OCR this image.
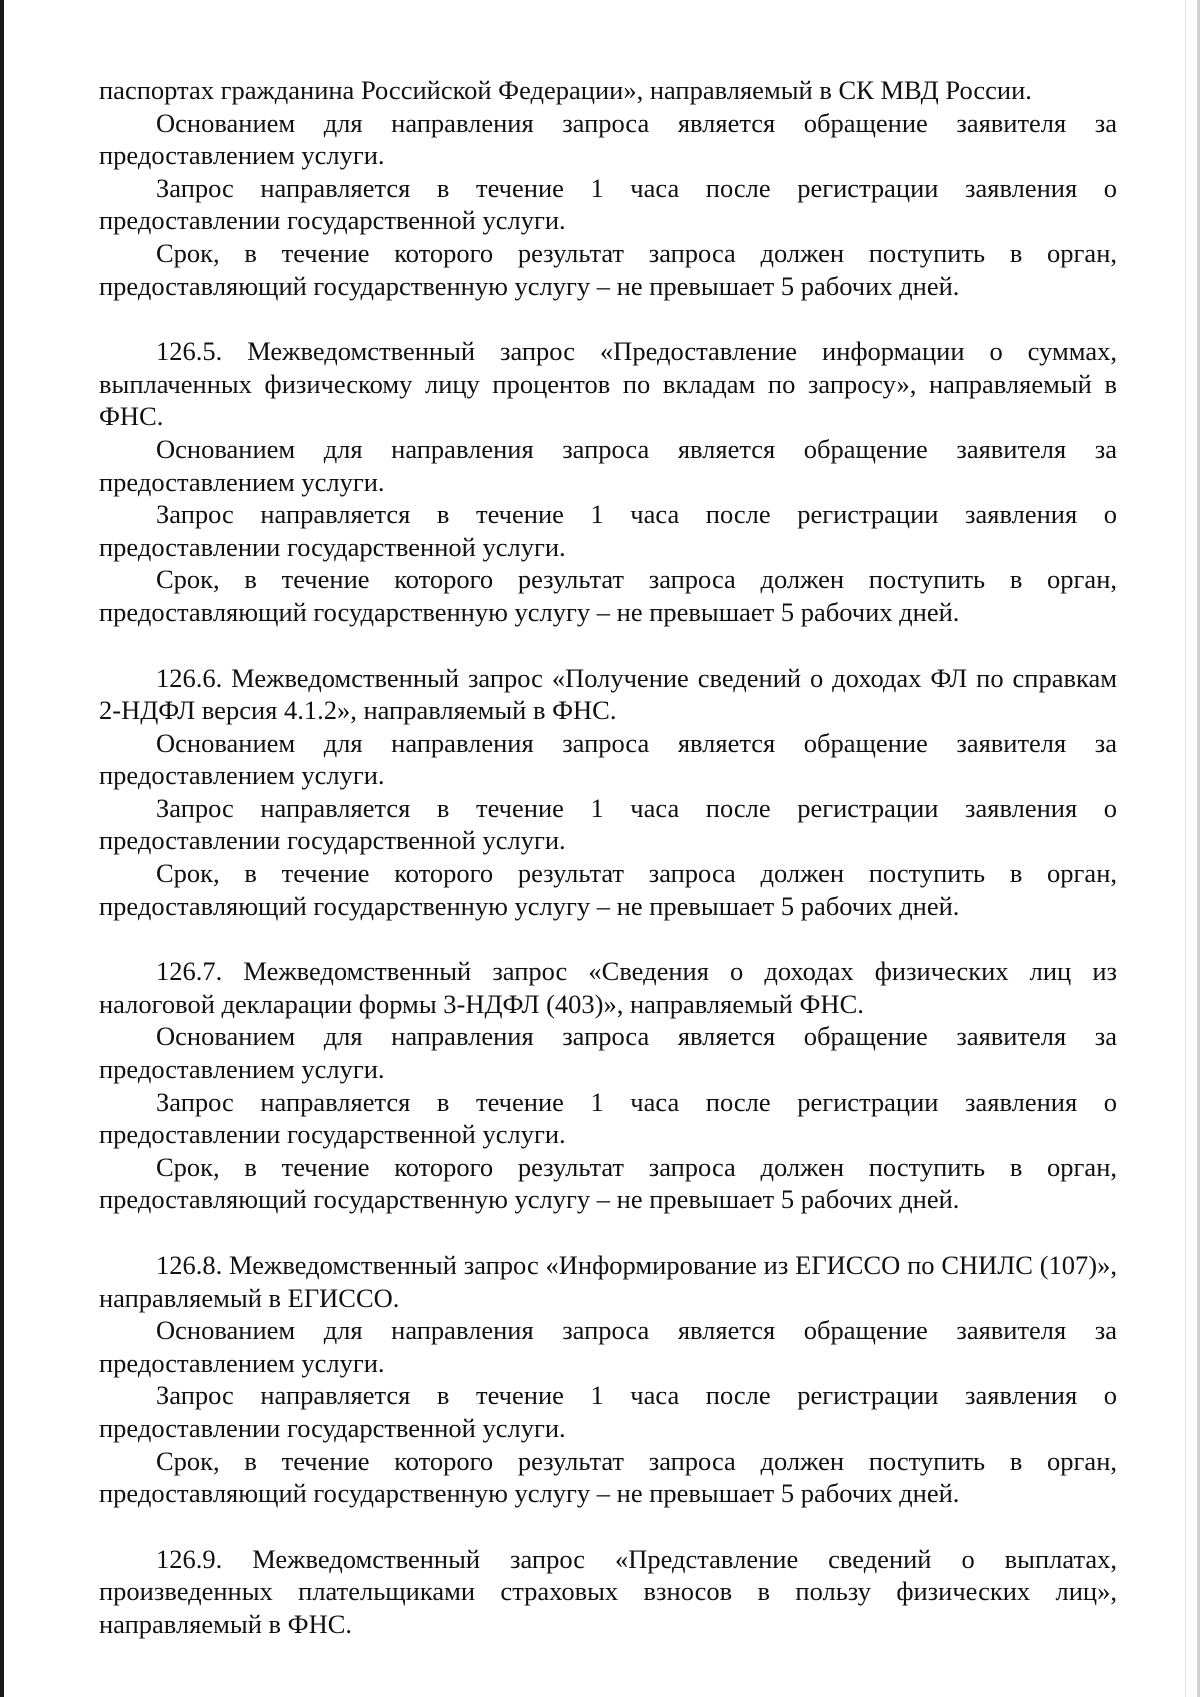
паспортах гражданина Российской Федерации», направляемый в СК МВД России.

Основанием для направления запроса является обращение заявителя за предоставлением услуги.

Запрос направляется в течение 1 часа после регистрации заявления о предоставлении государственной услуги.

Срок, в течение которого результат запроса должен поступить в орган, предоставляющий государственную услугу – не превышает 5 рабочих дней.

126.5. Межведомственный запрос «Предоставление информации о суммах, выплаченных физическому лицу процентов по вкладам по запросу», направляемый в ФНС.

Основанием для направления запроса является обращение заявителя за предоставлением услуги.

Запрос направляется в течение 1 часа после регистрации заявления о предоставлении государственной услуги.

Срок, в течение которого результат запроса должен поступить в орган, предоставляющий государственную услугу – не превышает 5 рабочих дней.

126.6. Межведомственный запрос «Получение сведений о доходах ФЛ по справкам 2-НДФЛ версия 4.1.2», направляемый в ФНС.

Основанием для направления запроса является обращение заявителя за предоставлением услуги.

Запрос направляется в течение 1 часа после регистрации заявления о предоставлении государственной услуги.

Срок, в течение которого результат запроса должен поступить в орган, предоставляющий государственную услугу – не превышает 5 рабочих дней.

126.7. Межведомственный запрос «Сведения о доходах физических лиц из налоговой декларации формы 3-НДФЛ (403)», направляемый ФНС.

Основанием для направления запроса является обращение заявителя за предоставлением услуги.

Запрос направляется в течение 1 часа после регистрации заявления о предоставлении государственной услуги.

Срок, в течение которого результат запроса должен поступить в орган, предоставляющий государственную услугу – не превышает 5 рабочих дней.

126.8. Межведомственный запрос «Информирование из ЕГИССО по СНИЛС (107)», направляемый в ЕГИССО.

Основанием для направления запроса является обращение заявителя за предоставлением услуги.

Запрос направляется в течение 1 часа после регистрации заявления о предоставлении государственной услуги.

Срок, в течение которого результат запроса должен поступить в орган, предоставляющий государственную услугу – не превышает 5 рабочих дней.

126.9. Межведомственный запрос «Представление сведений о выплатах, произведенных плательщиками страховых взносов в пользу физических лиц», направляемый в ФНС.
